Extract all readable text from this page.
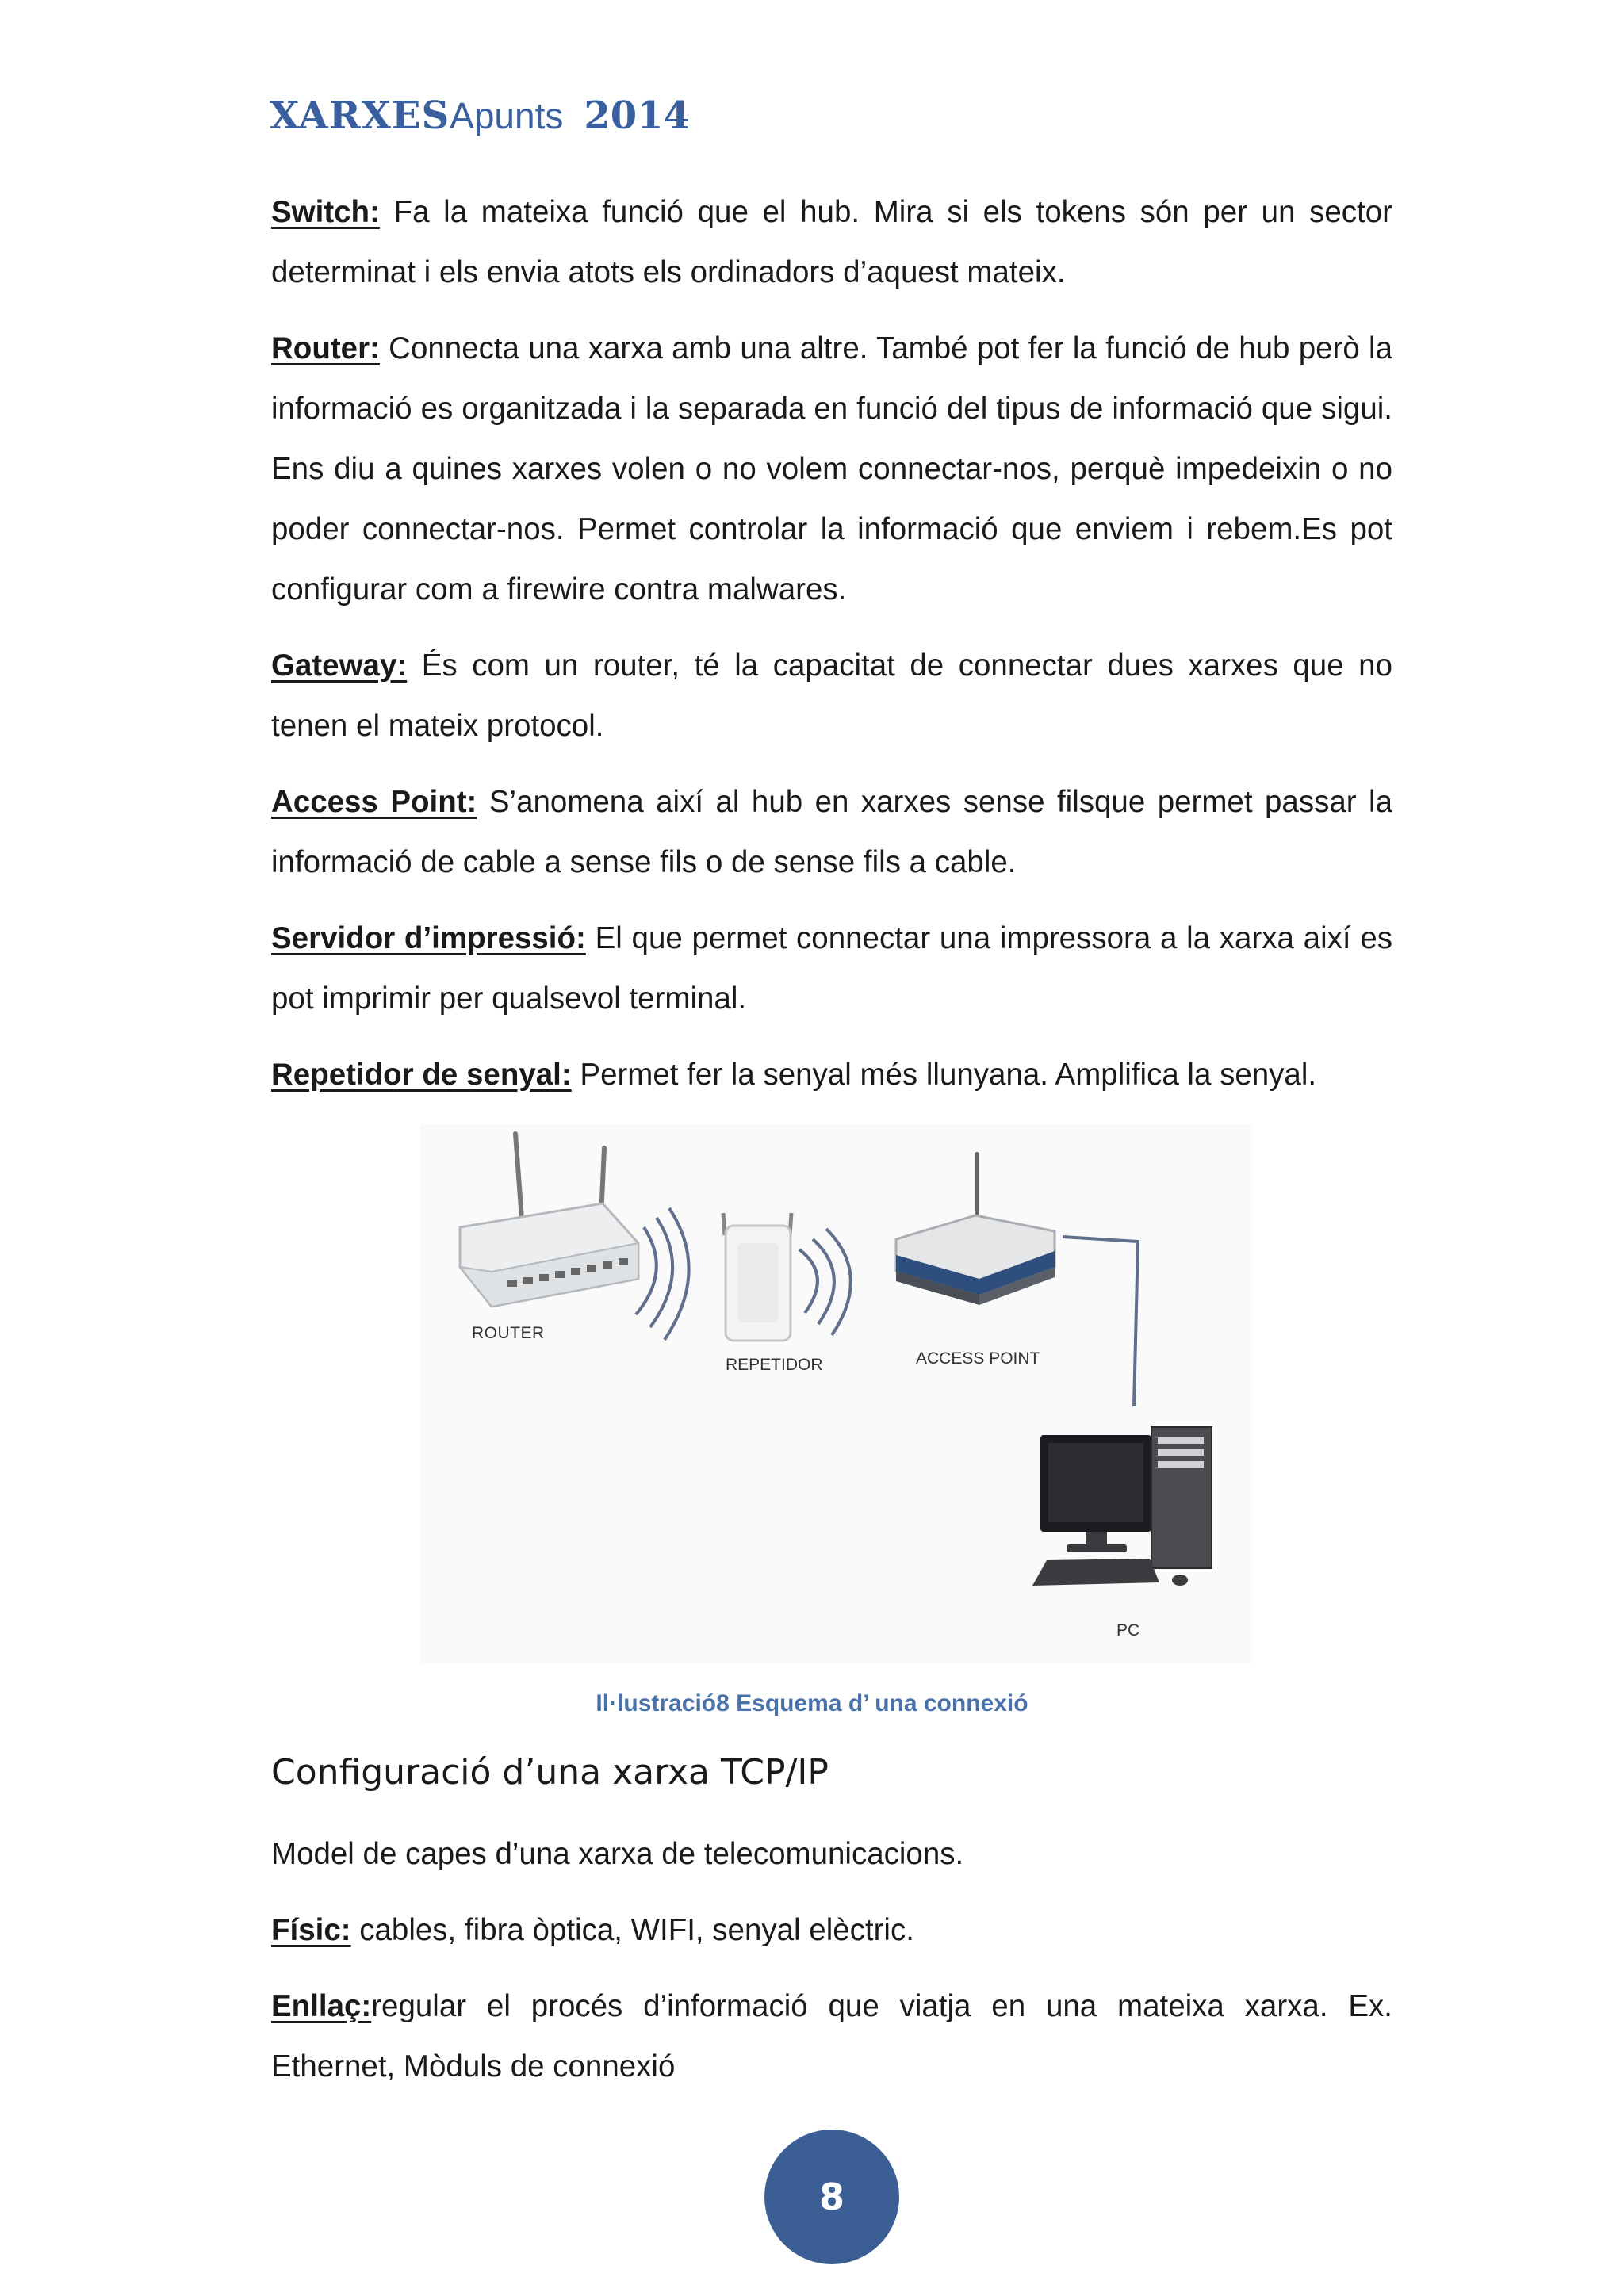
XARXESApunts 2014

Switch: Fa la mateixa funció que el hub. Mira si els tokens són per un sector determinat i els envia atots els ordinadors d’aquest mateix.

Router: Connecta una xarxa amb una altre. També pot fer la funció de hub però la informació es organitzada i la separada en funció del tipus de informació que sigui. Ens diu a quines xarxes volen o no volem connectar-nos, perquè impedeixin o no poder connectar-nos. Permet controlar la informació que enviem i rebem.Es pot configurar com a firewire contra malwares.

Gateway: És com un router, té la capacitat de connectar dues xarxes que no tenen el mateix protocol.

Access Point: S’anomena així al hub en xarxes sense filsque permet passar la informació de cable a sense fils o de sense fils a cable.

Servidor d’impressió: El que permet connectar una impressora a la xarxa així es pot imprimir per qualsevol terminal.

Repetidor de senyal: Permet fer la senyal més llunyana. Amplifica la senyal.

ROUTER
REPETIDOR	ACCESS POINT
PC
Il·lustració8 Esquema d’ una connexió
Configuració d’una xarxa TCP/IP

Model de capes d’una xarxa de telecomunicacions.

Físic: cables, fibra òptica, WIFI, senyal elèctric.

Enllaç:regular el procés d’informació que viatja en una mateixa xarxa. Ex. Ethernet, Mòduls de connexió

8
